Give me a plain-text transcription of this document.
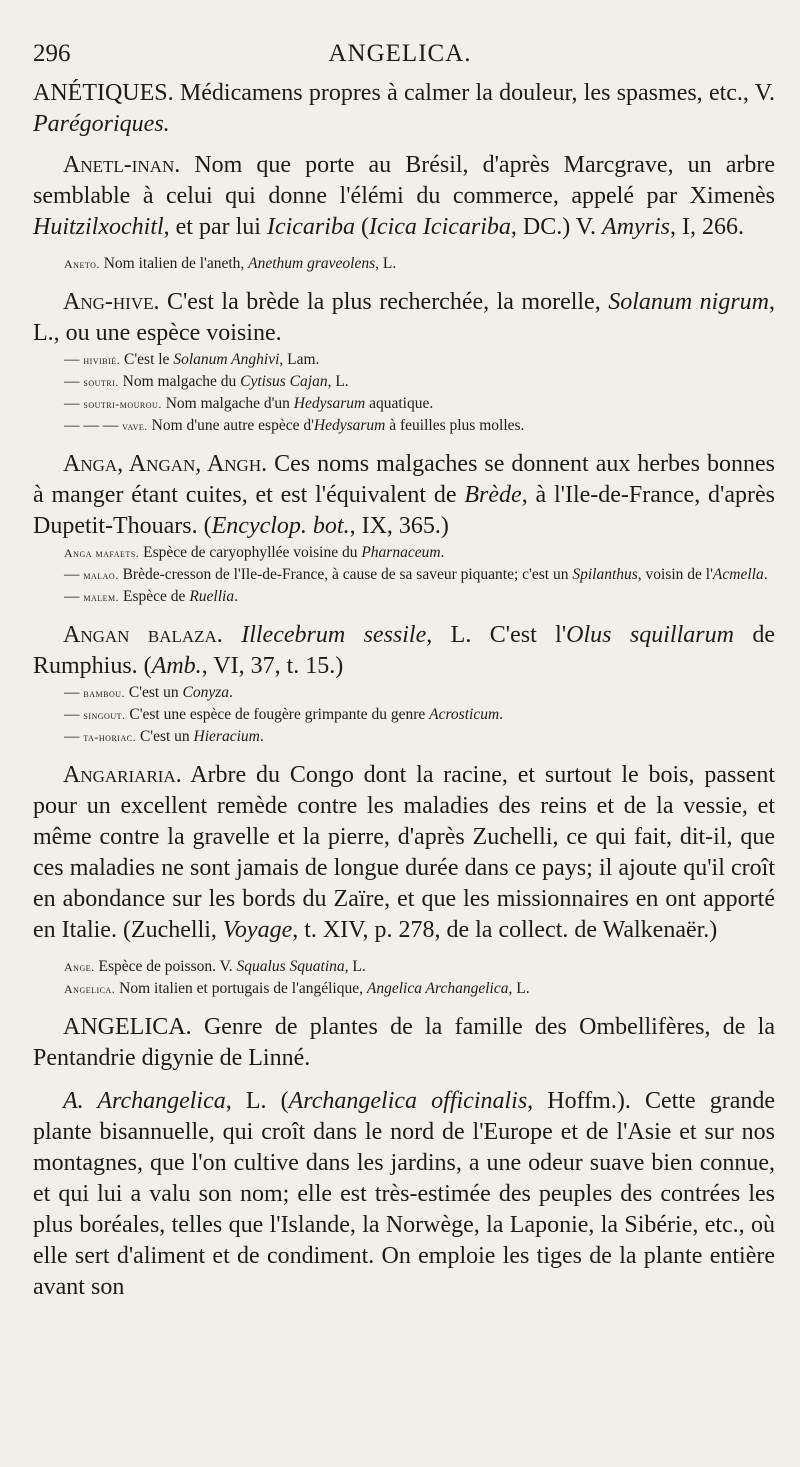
296	ANGELICA.

ANÉTIQUES. Médicamens propres à calmer la douleur, les spasmes, etc., V. Parégoriques.

Anetl-inan. Nom que porte au Brésil, d'après Marcgrave, un arbre semblable à celui qui donne l'élémi du commerce, appelé par Ximenès Huitzilxochitl, et par lui Icicariba (Icica Icicariba, DC.) V. Amyris, I, 266.

Aneto. Nom italien de l'aneth, Anethum graveolens, L.

Ang-hive. C'est la brède la plus recherchée, la morelle, Solanum nigrum, L., ou une espèce voisine.

— hivibié. C'est le Solanum Anghivi, Lam.

— soutri. Nom malgache du Cytisus Cajan, L.

— soutri-mourou. Nom malgache d'un Hedysarum aquatique.

— — — vave. Nom d'une autre espèce d'Hedysarum à feuilles plus molles.

Anga, Angan, Angh. Ces noms malgaches se donnent aux herbes bonnes à manger étant cuites, et est l'équivalent de Brède, à l'Ile-de-France, d'après Dupetit-Thouars. (Encyclop. bot., IX, 365.)

Anga mafaets. Espèce de caryophyllée voisine du Pharnaceum.

— malao. Brède-cresson de l'Ile-de-France, à cause de sa saveur piquante; c'est un Spilanthus, voisin de l'Acmella.

— malem. Espèce de Ruellia.

Angan balaza. Illecebrum sessile, L. C'est l'Olus squillarum de Rumphius. (Amb., VI, 37, t. 15.)

— bambou. C'est un Conyza.

— singout. C'est une espèce de fougère grimpante du genre Acrosticum.

— ta-horiac. C'est un Hieracium.

Angariaria. Arbre du Congo dont la racine, et surtout le bois, passent pour un excellent remède contre les maladies des reins et de la vessie, et même contre la gravelle et la pierre, d'après Zuchelli, ce qui fait, dit-il, que ces maladies ne sont jamais de longue durée dans ce pays; il ajoute qu'il croît en abondance sur les bords du Zaïre, et que les missionnaires en ont apporté en Italie. (Zuchelli, Voyage, t. XIV, p. 278, de la collect. de Walkenaër.)

Ange. Espèce de poisson. V. Squalus Squatina, L.

Angelica. Nom italien et portugais de l'angélique, Angelica Archangelica, L.

ANGELICA. Genre de plantes de la famille des Ombellifères, de la Pentandrie digynie de Linné.

A. Archangelica, L. (Archangelica officinalis, Hoffm.). Cette grande plante bisannuelle, qui croît dans le nord de l'Europe et de l'Asie et sur nos montagnes, que l'on cultive dans les jardins, a une odeur suave bien connue, et qui lui a valu son nom; elle est très-estimée des peuples des contrées les plus boréales, telles que l'Islande, la Norwège, la Laponie, la Sibérie, etc., où elle sert d'aliment et de condiment. On emploie les tiges de la plante entière avant son
